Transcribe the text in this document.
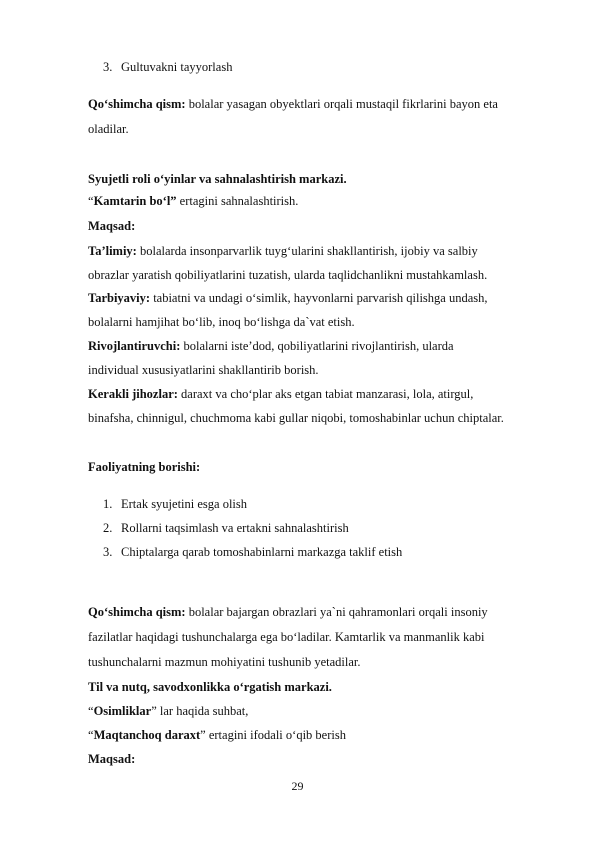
3. Gultuvakni tayyorlash
Qo‘shimcha qism: bolalar yasagan obyektlari orqali mustaqil fikrlarini bayon eta
oladilar.
Syujetli roli o‘yinlar va sahnalashtirish markazi.
“Kamtarin bo‘l” ertagini sahnalashtirish.
Maqsad:
Ta’limiy: bolalarda insonparvarlik tuyg‘ularini shakllantirish, ijobiy va salbiy
obrazlar yaratish qobiliyatlarini tuzatish, ularda taqlidchanlikni mustahkamlash.
Tarbiyaviy: tabiatni va undagi o‘simlik, hayvonlarni parvarish qilishga undash,
bolalarni hamjihat bo‘lib, inoq bo‘lishga da`vat etish.
Rivojlantiruvchi: bolalarni iste’dod, qobiliyatlarini rivojlantirish, ularda
individual xususiyatlarini shakllantirib borish.
Kerakli jihozlar: daraxt va cho‘plar aks etgan tabiat manzarasi, lola, atirgul,
binafsha, chinnigul, chuchmoma kabi gullar niqobi, tomoshabinlar uchun chiptalar.
Faoliyatning borishi:
1. Ertak syujetini esga olish
2. Rollarni taqsimlash va ertakni sahnalashtirish
3. Chiptalarga qarab tomoshabinlarni markazga taklif etish
Qo‘shimcha qism: bolalar bajargan obrazlari ya`ni qahramonlari orqali insoniy
fazilatlar haqidagi tushunchalarga ega bo‘ladilar. Kamtarlik va manmanlik kabi
tushunchalarni mazmun mohiyatini tushunib yetadilar.
Til va nutq, savodxonlikka o‘rgatish markazi.
“Osimliklar” lar haqida suhbat,
“Maqtanchoq daraxt” ertagini ifodali o‘qib berish
Maqsad:
29
